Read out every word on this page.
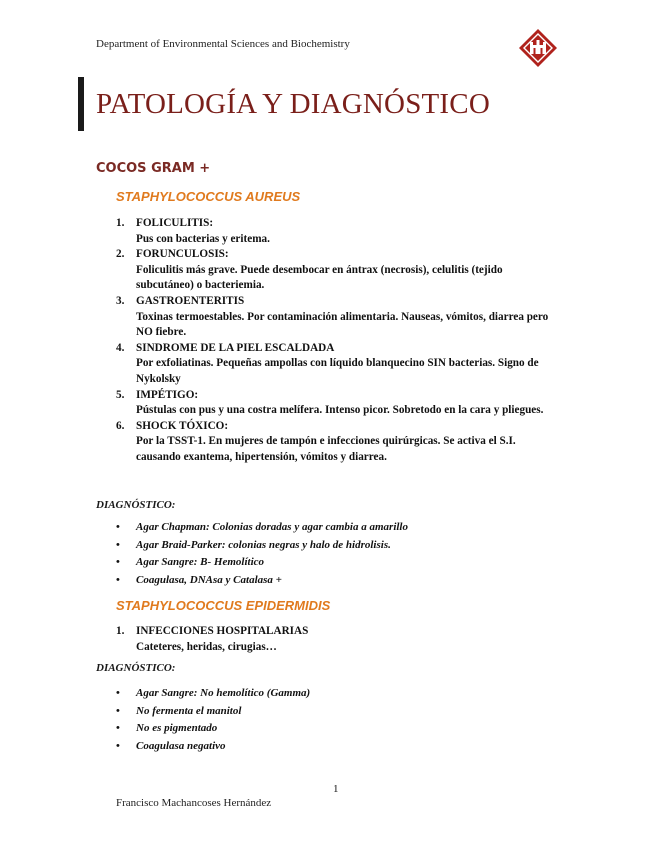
Department of Environmental Sciences and Biochemistry
PATOLOGÍA Y DIAGNÓSTICO
COCOS GRAM +
STAPHYLOCOCCUS AUREUS
1. FOLICULITIS:
Pus con bacterias y eritema.
2. FORUNCULOSIS:
Foliculitis más grave. Puede desembocar en ántrax (necrosis), celulitis (tejido subcutáneo) o bacteriemia.
3. GASTROENTERITIS
Toxinas termoestables. Por contaminación alimentaria. Nauseas, vómitos, diarrea pero NO fiebre.
4. SINDROME DE LA PIEL ESCALDADA
Por exfoliatinas. Pequeñas ampollas con líquido blanquecino SIN bacterias. Signo de Nykolsky
5. IMPÉTIGO:
Pústulas con pus y una costra melífera. Intenso picor. Sobretodo en la cara y pliegues.
6. SHOCK TÓXICO:
Por la TSST-1. En mujeres de tampón e infecciones quirúrgicas. Se activa el S.I. causando exantema, hipertensión, vómitos y diarrea.
DIAGNÓSTICO:
• Agar Chapman: Colonias doradas y agar cambia a amarillo
• Agar Braid-Parker: colonias negras y halo de hidrolisis.
• Agar Sangre: B- Hemolítico
• Coagulasa, DNAsa y Catalasa +
STAPHYLOCOCCUS EPIDERMIDIS
1. INFECCIONES HOSPITALARIAS
Cateteres, heridas, cirugias…
DIAGNÓSTICO:
• Agar Sangre: No hemolítico (Gamma)
• No fermenta el manitol
• No es pigmentado
• Coagulasa negativo
1
Francisco Machancoses Hernández
